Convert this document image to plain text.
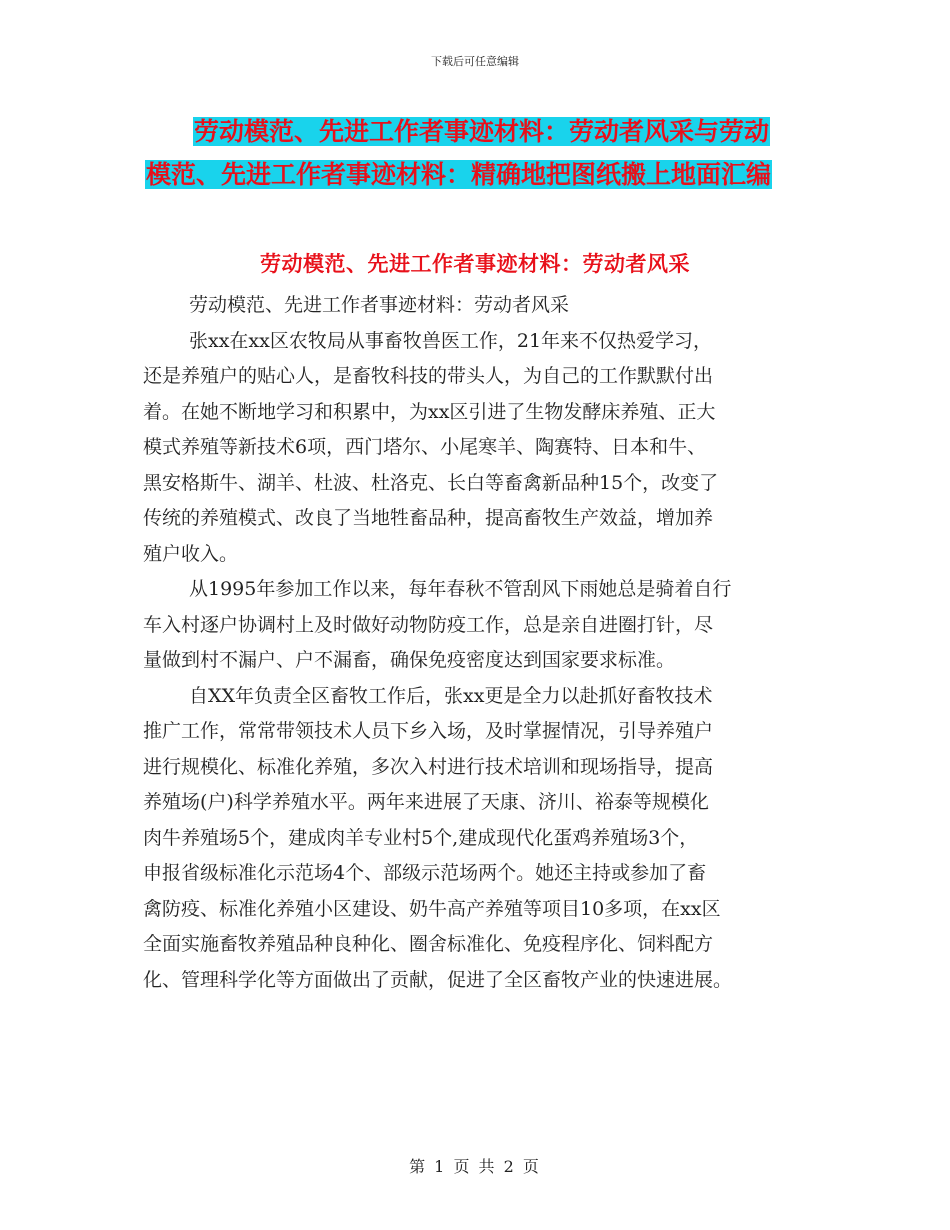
下载后可任意编辑
劳动模范、先进工作者事迹材料：劳动者风采与劳动
模范、先进工作者事迹材料：精确地把图纸搬上地面汇编
劳动模范、先进工作者事迹材料：劳动者风采

劳动模范、先进工作者事迹材料：劳动者风采

张xx在xx区农牧局从事畜牧兽医工作，21年来不仅热爱学习，
还是养殖户的贴心人，是畜牧科技的带头人，为自己的工作默默付出
着。在她不断地学习和积累中，为xx区引进了生物发酵床养殖、正大
模式养殖等新技术6项，西门塔尔、小尾寒羊、陶赛特、日本和牛、
黑安格斯牛、湖羊、杜波、杜洛克、长白等畜禽新品种15个，改变了
传统的养殖模式、改良了当地牲畜品种，提高畜牧生产效益，增加养
殖户收入。

从1995年参加工作以来，每年春秋不管刮风下雨她总是骑着自行
车入村逐户协调村上及时做好动物防疫工作，总是亲自进圈打针，尽
量做到村不漏户、户不漏畜，确保免疫密度达到国家要求标准。

自XX年负责全区畜牧工作后，张xx更是全力以赴抓好畜牧技术
推广工作，常常带领技术人员下乡入场，及时掌握情况，引导养殖户
进行规模化、标准化养殖，多次入村进行技术培训和现场指导，提高
养殖场(户)科学养殖水平。两年来进展了天康、济川、裕泰等规模化
肉牛养殖场5个，建成肉羊专业村5个,建成现代化蛋鸡养殖场3个，
申报省级标准化示范场4个、部级示范场两个。她还主持或参加了畜
禽防疫、标准化养殖小区建设、奶牛高产养殖等项目10多项，在xx区
全面实施畜牧养殖品种良种化、圈舍标准化、免疫程序化、饲料配方
化、管理科学化等方面做出了贡献，促进了全区畜牧产业的快速进展。

第 1 页 共 2 页
